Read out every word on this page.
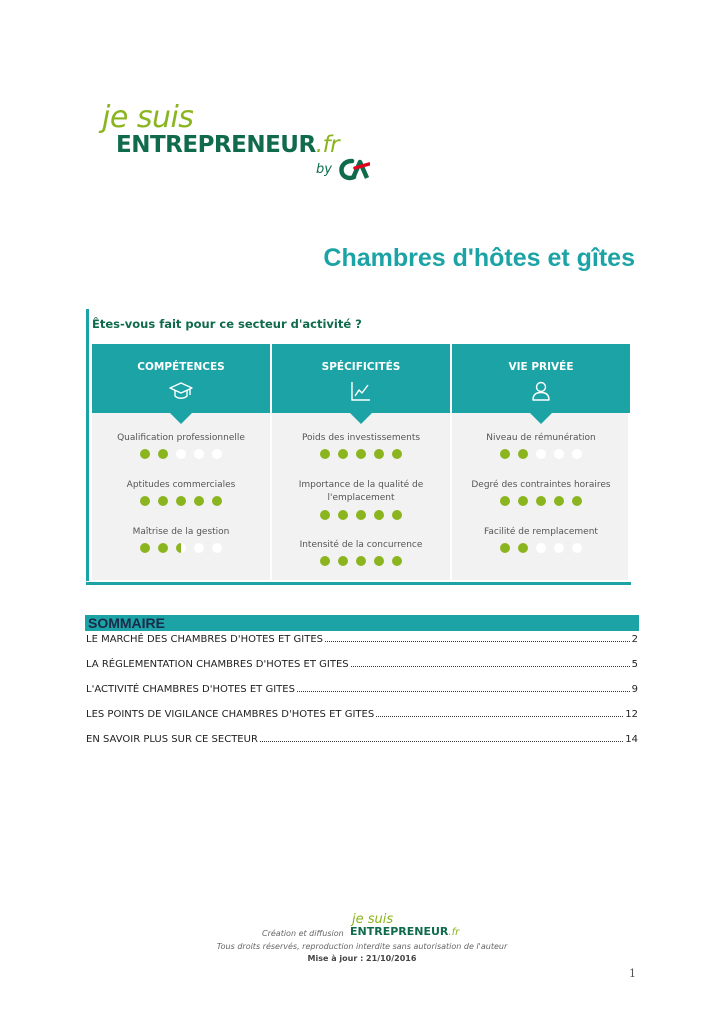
je suis
ENTREPRENEUR.fr
by
Chambres d'hôtes et gîtes
Êtes-vous fait pour ce secteur d'activité ?
COMPÉTENCES
Qualification professionnelle
Aptitudes commerciales
Maîtrise de la gestion
SPÉCIFICITÉS
Poids des investissements
Importance de la qualité de
l'emplacement
Intensité de la concurrence
VIE PRIVÉE
Niveau de rémunération
Degré des contraintes horaires
Facilité de remplacement
SOMMAIRE
LE MARCHÉ DES CHAMBRES D'HOTES ET GITES	2
LA RÉGLEMENTATION CHAMBRES D'HOTES ET GITES	5
L'ACTIVITÉ CHAMBRES D'HOTES ET GITES	9
LES POINTS DE VIGILANCE CHAMBRES D'HOTES ET GITES	12
EN SAVOIR PLUS SUR CE SECTEUR	14
je suis
Création et diffusion ENTREPRENEUR.fr
Tous droits réservés, reproduction interdite sans autorisation de l'auteur
Mise à jour : 21/10/2016
1
